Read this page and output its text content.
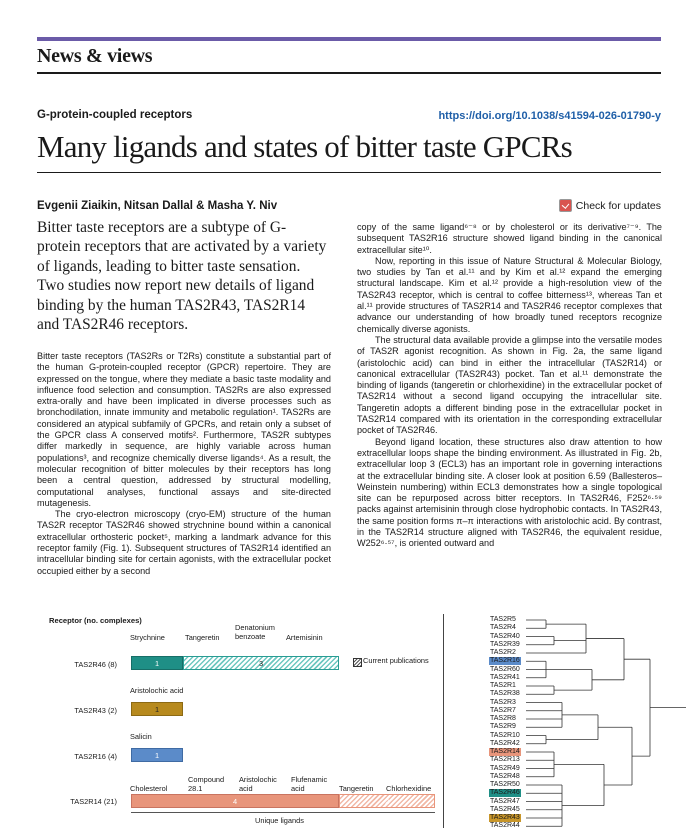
News & views
G-protein-coupled receptors	https://doi.org/10.1038/s41594-026-01790-y
Many ligands and states of bitter taste GPCRs
Evgenii Ziaikin, Nitsan Dallal & Masha Y. Niv	Check for updates
Bitter taste receptors are a subtype of G-protein receptors that are activated by a variety of ligands, leading to bitter taste sensation. Two studies now report new details of ligand binding by the human TAS2R43, TAS2R14 and TAS2R46 receptors.

Bitter taste receptors (TAS2Rs or T2Rs) constitute a substantial part of the human G-protein-coupled receptor (GPCR) repertoire. They are expressed on the tongue, where they mediate a basic taste modality and influence food selection and consumption. TAS2Rs are also expressed extra-orally and have been implicated in diverse processes such as bronchodilation, innate immunity and metabolic regulation¹. TAS2Rs are considered an atypical subfamily of GPCRs, and retain only a subset of the GPCR class A conserved motifs². Furthermore, TAS2R subtypes differ markedly in sequence, are highly variable across human populations³, and recognize chemically diverse ligands⁴. As a result, the molecular recognition of bitter molecules by their receptors has long been a central question, addressed by structural modelling, computational analyses, functional assays and site-directed mutagenesis.

The cryo-electron microscopy (cryo-EM) structure of the human TAS2R receptor TAS2R46 showed strychnine bound within a canonical extracellular orthosteric pocket⁵, marking a landmark advance for this receptor family (Fig. 1). Subsequent structures of TAS2R14 identified an intracellular binding site for certain agonists, with the extracellular pocket occupied either by a second

copy of the same ligand⁶⁻⁸ or by cholesterol or its derivative⁷⁻⁹. The subsequent TAS2R16 structure showed ligand binding in the canonical extracellular site¹⁰.

Now, reporting in this issue of Nature Structural & Molecular Biology, two studies by Tan et al.¹¹ and by Kim et al.¹² expand the emerging structural landscape. Kim et al.¹² provide a high-resolution view of the TAS2R43 receptor, which is central to coffee bitterness¹³, whereas Tan et al.¹¹ provide structures of TAS2R14 and TAS2R46 receptor complexes that advance our understanding of how broadly tuned receptors recognize chemically diverse agonists.

The structural data available provide a glimpse into the versatile modes of TAS2R agonist recognition. As shown in Fig. 2a, the same ligand (aristolochic acid) can bind in either the intracellular (TAS2R14) or canonical extracellular (TAS2R43) pocket. Tan et al.¹¹ demonstrate the binding of ligands (tangeretin or chlorhexidine) in the extracellular pocket of TAS2R14 without a second ligand occupying the intracellular site. Tangeretin adopts a different binding pose in the extracellular pocket in TAS2R14 compared with its orientation in the corresponding extracellular pocket of TAS2R46.

Beyond ligand location, these structures also draw attention to how extracellular loops shape the binding environment. As illustrated in Fig. 2b, extracellular loop 3 (ECL3) has an important role in governing interactions at the extracellular binding site. A closer look at position 6.59 (Ballesteros–Weinstein numbering) within ECL3 demonstrates how a single topological site can be repurposed across bitter receptors. In TAS2R46, F252⁶·⁵⁹ packs against artemisinin through close hydrophobic contacts. In TAS2R43, the same position forms π–π interactions with aristolochic acid. By contrast, in the TAS2R14 structure aligned with TAS2R46, the equivalent residue, W252⁶·⁵⁷, is oriented outward and

Receptor (no. complexes)
Current publications
TAS2R46 (8)
Strychnine	Tangeretin
Denatonium benzoate	Artemisinin
1	3
TAS2R43 (2)
Aristolochic acid
1
TAS2R16 (4)
Salicin
1
TAS2R14 (21)
Cholesterol
Compound 28.1
Aristolochic acid
Flufenamic acid	Tangeretin Chlorhexidine
4	2
Unique ligands
TAS2R5
TAS2R4
TAS2R40
TAS2R39
TAS2R2
TAS2R16
TAS2R60
TAS2R41
TAS2R1
TAS2R38
TAS2R3
TAS2R7
TAS2R8
TAS2R9
TAS2R10
TAS2R42
TAS2R14
TAS2R13
TAS2R49
TAS2R48
TAS2R50
TAS2R46
TAS2R47
TAS2R45
TAS2R43
TAS2R44
